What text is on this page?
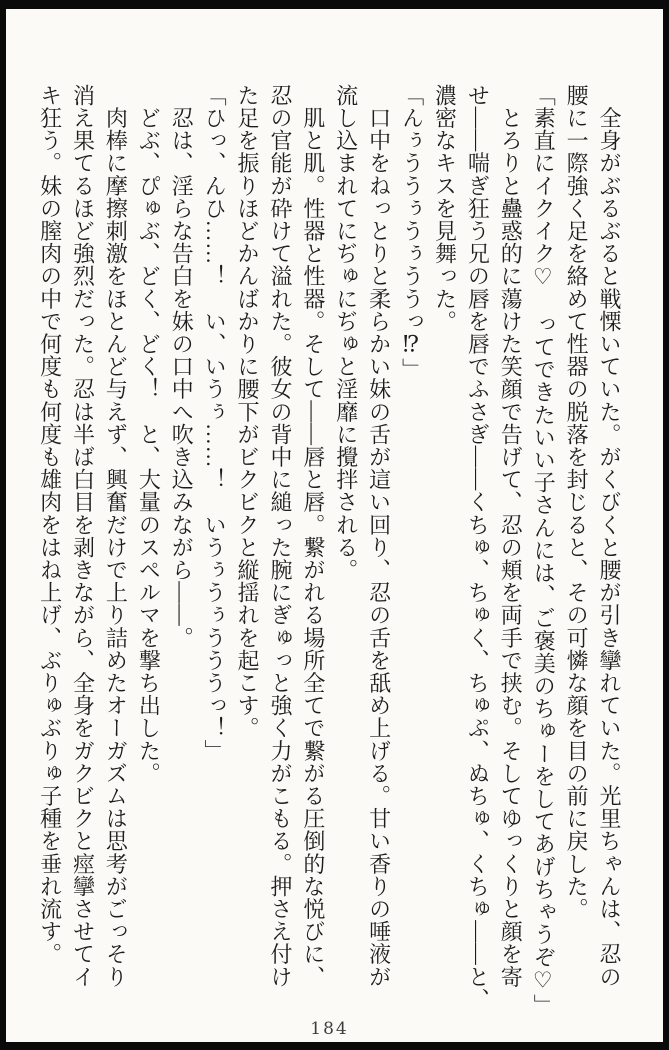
　全身がぶるぶると戦慄いていた。がくびくと腰が引き攣れていた。光里ちゃんは、忍の

腰に一際強く足を絡めて性器の脱落を封じると、その可憐な顔を目の前に戻した。

「素直にイクイク♡　ってできたいい子さんには、ご褒美のちゅーをしてあげちゃうぞ♡」

　とろりと蠱惑的に蕩けた笑顔で告げて、忍の頬を両手で挟む。そしてゆっくりと顔を寄

せ――喘ぎ狂う兄の唇を唇でふさぎ――くちゅ、ちゅく、ちゅぷ、ぬちゅ、くちゅ――と、

濃密なキスを見舞った。

「んぅううぅうぅううっ⁉」

　口中をねっとりと柔らかい妹の舌が這い回り、忍の舌を舐め上げる。甘い香りの唾液が

流し込まれてにぢゅにぢゅと淫靡に攪拌される。

　肌と肌。性器と性器。そして――唇と唇。繋がれる場所全てで繋がる圧倒的な悦びに、

忍の官能が砕けて溢れた。彼女の背中に縋った腕にぎゅっと強く力がこもる。押さえ付け

た足を振りほどかんばかりに腰下がビクビクと縦揺れを起こす。

「ひっ、んひ……！　い、いうぅ……！　いうぅうぅうううっ！」

　忍は、淫らな告白を妹の口中へ吹き込みながら――。

　どぶ、ぴゅぶ、どく、どく！　と、大量のスペルマを撃ち出した。

　肉棒に摩擦刺激をほとんど与えず、興奮だけで上り詰めたオーガズムは思考がごっそり

消え果てるほど強烈だった。忍は半ば白目を剥きながら、全身をガクビクと痙攣させてイ

キ狂う。妹の膣肉の中で何度も何度も雄肉をはね上げ、ぶりゅぶりゅ子種を垂れ流す。

184
